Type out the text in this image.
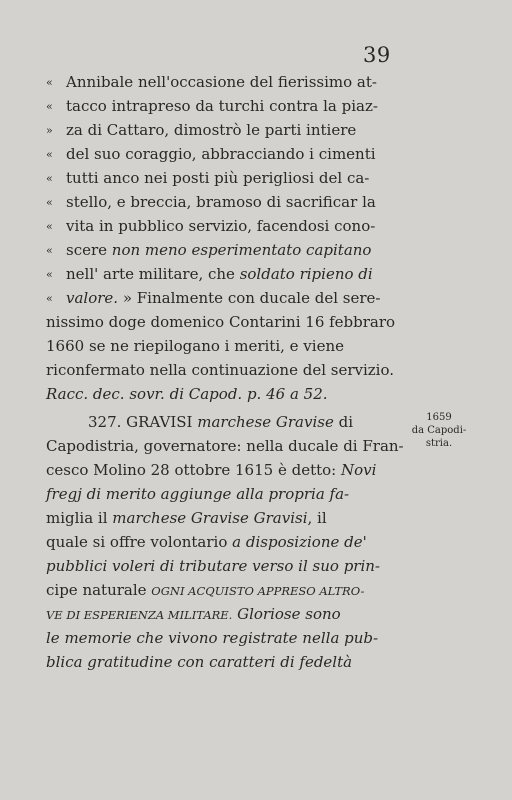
39
« Annibale nell'occasione del fierissimo at-
« tacco intrapreso da turchi contra la piaz-
» za di Cattaro, dimostrò le parti intiere
« del suo coraggio, abbracciando i cimenti
« tutti anco nei posti più perigliosi del ca-
« stello, e breccia, bramoso di sacrificar la
« vita in pubblico servizio, facendosi cono-
« scere non meno esperimentato capitano
« nell' arte militare, che soldato ripieno di
« valore. » Finalmente con ducale del sere-
nissimo doge domenico Contarini 16 febbraro
1660 se ne riepilogano i meriti, e viene
riconfermato nella continuazione del servizio.
Racc. dec. sovr. di Capod. p. 46 a 52.
327. GRAVISI marchese Gravise di
Capodistria, governatore: nella ducale di Fran-
cesco Molino 28 ottobre 1615 è detto: Novi
fregj di merito aggiunge alla propria fa-
miglia il marchese Gravise Gravisi, il
quale si offre volontario a disposizione de'
pubblici voleri di tributare verso il suo prin-
cipe naturale OGNI ACQUISTO APPRESO ALTRO-
VE DI ESPERIENZA MILITARE. Gloriose sono
le memorie che vivono registrate nella pub-
blica gratitudine con caratteri di fedeltà
1659
da Capodi-
stria.
